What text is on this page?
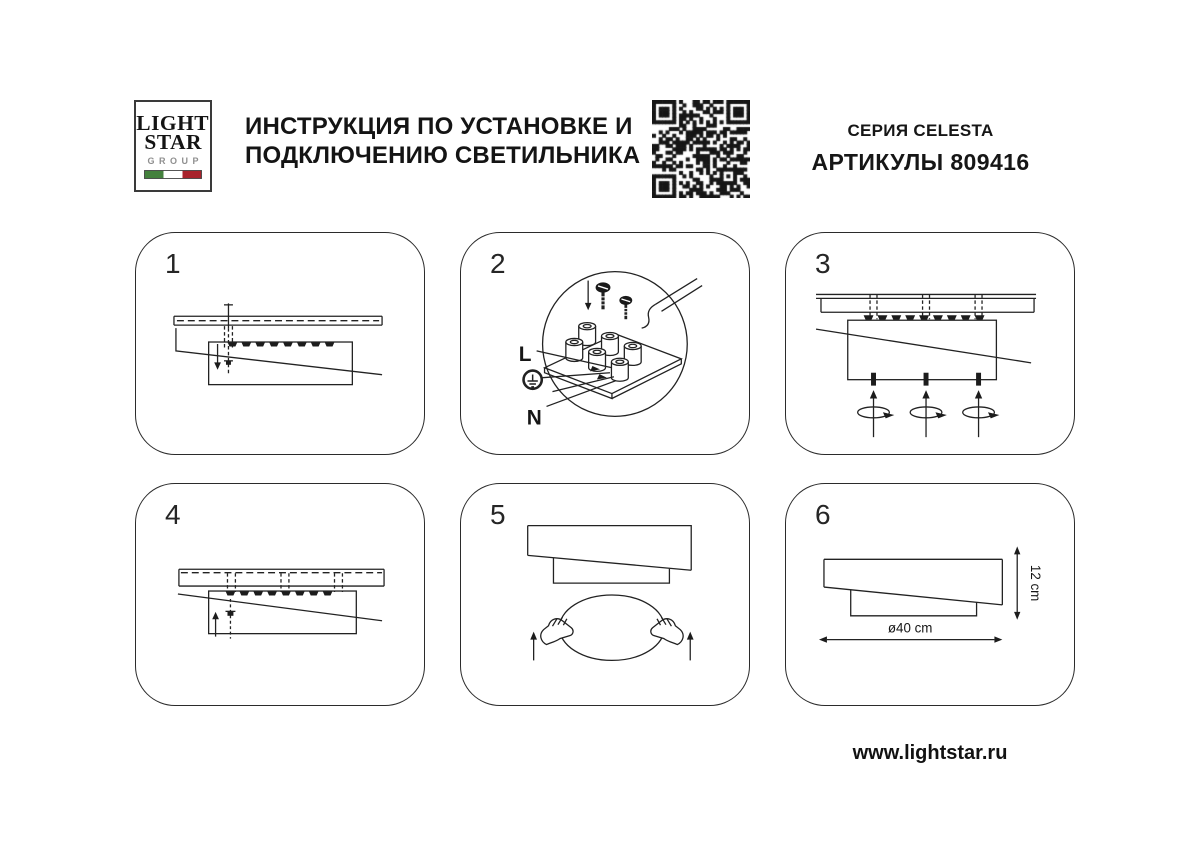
LIGHT
STAR
GROUP
ИНСТРУКЦИЯ ПО УСТАНОВКЕ И
ПОДКЛЮЧЕНИЮ СВЕТИЛЬНИКА
СЕРИЯ CELESTA
АРТИКУЛЫ 809416
1	2
L
N
3
4	5	6
12 cm
ø40 cm
www.lightstar.ru
